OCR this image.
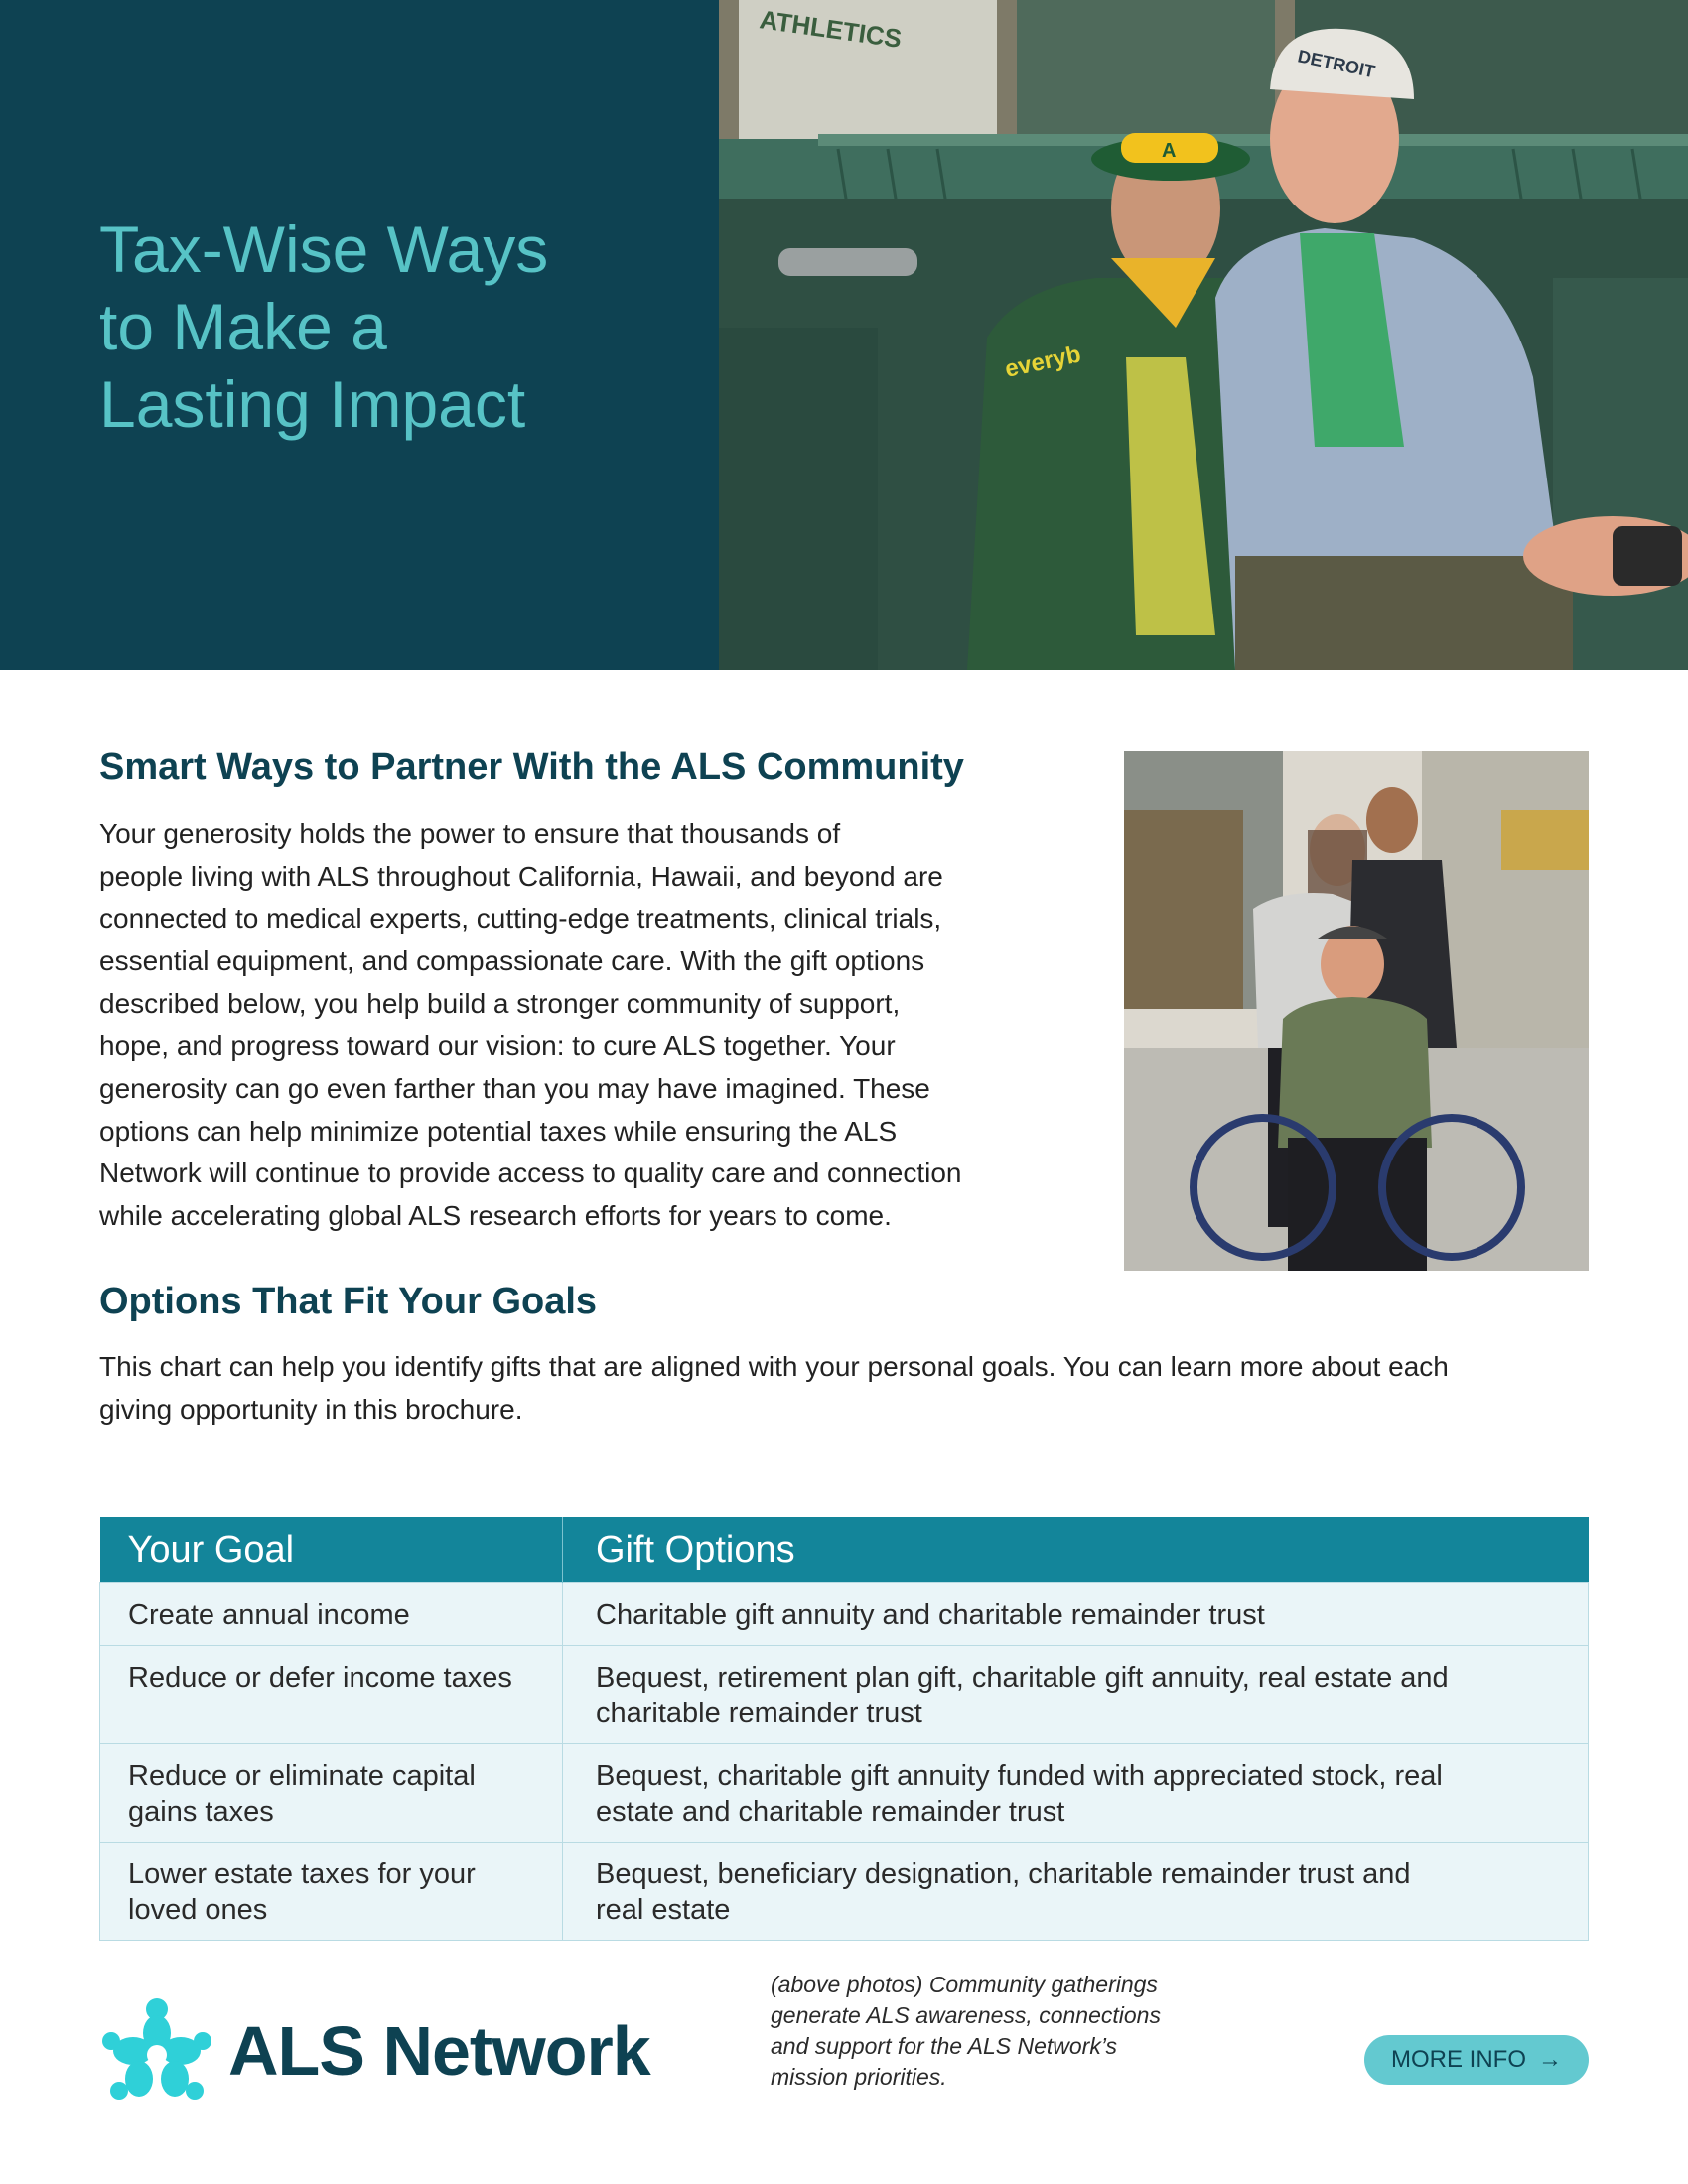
Tax-Wise Ways
to Make a
Lasting Impact
ATHLETICS
A
everyb
DETROIT
Smart Ways to Partner With the ALS Community

Your generosity holds the power to ensure that thousands of
people living with ALS throughout California, Hawaii, and beyond are
connected to medical experts, cutting-edge treatments, clinical trials,
essential equipment, and compassionate care. With the gift options
described below, you help build a stronger community of support,
hope, and progress toward our vision: to cure ALS together. Your
generosity can go even farther than you may have imagined. These
options can help minimize potential taxes while ensuring the ALS
Network will continue to provide access to quality care and connection
while accelerating global ALS research efforts for years to come.

Options That Fit Your Goals

This chart can help you identify gifts that are aligned with your personal goals. You can learn more about each
giving opportunity in this brochure.

Your Goal	Gift Options

Create annual income	Charitable gift annuity and charitable remainder trust

Reduce or defer income taxes	Bequest, retirement plan gift, charitable gift annuity, real estate and
charitable remainder trust

Reduce or eliminate capital
gains taxes	Bequest, charitable gift annuity funded with appreciated stock, real
estate and charitable remainder trust

Lower estate taxes for your
loved ones	Bequest, beneficiary designation, charitable remainder trust and
real estate
ALS Network

(above photos) Community gatherings
generate ALS awareness, connections
and support for the ALS Network’s
mission priorities.

MORE INFO →
